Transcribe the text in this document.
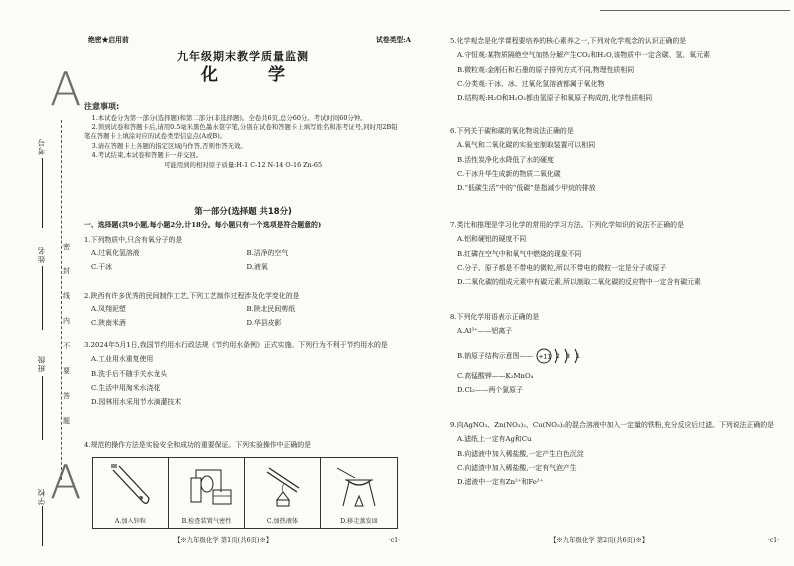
A
A
考号
姓名
班级
学校
密
封
线
内
不
要
答
题
绝密★启用前	试卷类型:A
九年级期末教学质量监测
化 学
注意事项:

1.本试卷分为第一部分(选择题)和第二部分(非选择题)。全卷共6页,总分60分。考试时间60分钟。

2.领到试卷和答题卡后,请用0.5毫米黑色墨水签字笔,分别在试卷和答题卡上填写姓名和准考证号,同时用2B铅笔在答题卡上填涂对应的试卷类型信息点(A或B)。

3.请在答题卡上各题的指定区域内作答,否则作答无效。

4.考试结束,本试卷和答题卡一并交回。

可能用到的相对原子质量:H-1 C-12 N-14 O-16 Zn-65
第一部分(选择题 共18分)
一、选择题(共9小题,每小题2分,计18分。每小题只有一个选项是符合题意的)
1.下列物质中,只含有氧分子的是
A.过氧化氢溶液	B.洁净的空气
C.干冰	D.液氧
2.陕西有许多优秀的民间制作工艺,下列工艺制作过程涉及化学变化的是
A.凤翔泥塑	B.陕北民间剪纸
C.陕南米酒	D.华县皮影
3.2024年5月1日,我国节约用水行政法规《节约用水条例》正式实施。下列行为不利于节约用水的是
A.工业用水重复使用
B.洗手后不随手关水龙头
C.生活中用淘米水浇花
D.园林用水采用节水滴灌技术
4.规范的操作方法是实验安全和成功的重要保证。下列实验操作中正确的是
A.加入锌粒	B.检查装置气密性	C.加热液体	D.移走蒸发皿
【※九年级化学 第1页(共6页)※】	·c1·
5.化学观念是化学课程要培养的核心素养之一,下列对化学观念的认识正确的是
A.守恒观:某物质隔绝空气加热分解产生CO₂和H₂O,该物质中一定含碳、氢、氧元素
B.微粒观:金刚石和石墨的原子排列方式不同,物理性质相同
C.分类观:干冰、冰、过氧化氢溶液都属于氧化物
D.结构观:H₂O和H₂O₂都由氢原子和氧原子构成的,化学性质相同
6.下列关于碳和碳的氧化物说法正确的是
A.氧气和二氧化碳的实验室制取装置可以相同
B.活性炭净化水降低了水的硬度
C.干冰升华生成新的物质二氧化碳
D.“低碳生活”中的“低碳”是指减少甲烷的排放
7.类比和推理是学习化学的常用的学习方法。下列化学知识的说法不正确的是
A.铝和硬铝的硬度不同
B.红磷在空气中和氧气中燃烧的现象不同
C.分子、原子都是不带电的微粒,所以不带电的微粒一定是分子或原子
D.二氧化碳的组成元素中有碳元素,所以制取二氧化碳的反应物中一定含有碳元素
8.下列化学用语表示正确的是
A.Al³⁺——铝离子
B.钠原子结构示意图—— +11 2 8 1
C.高锰酸钾——K₂MnO₄
D.Cl₂——两个氯原子
9.向AgNO₃、Zn(NO₃)₂、Cu(NO₃)₂的混合溶液中加入一定量的铁粉,充分反应后过滤。下列说法正确的是
A.滤纸上一定有Ag和Cu
B.向滤液中加入稀盐酸,一定产生白色沉淀
C.向滤渣中加入稀盐酸,一定有气泡产生
D.滤液中一定有Zn²⁺和Fe²⁺
【※九年级化学 第2页(共6页)※】	·c1·
